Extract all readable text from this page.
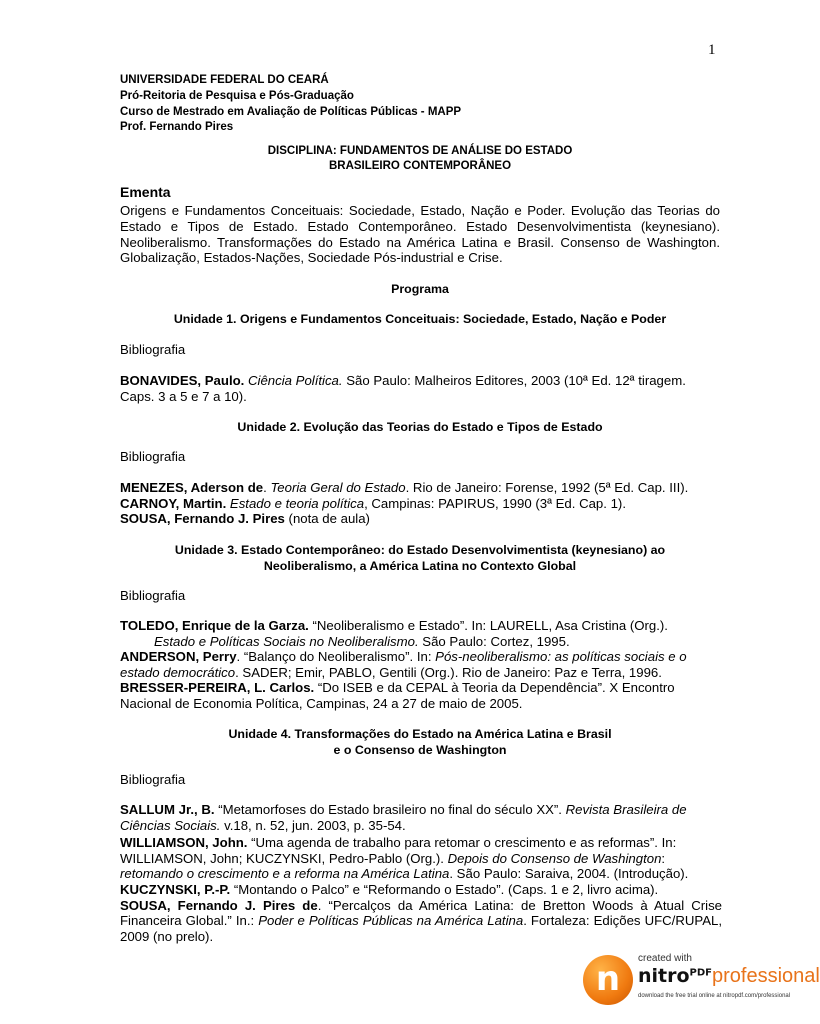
1
UNIVERSIDADE FEDERAL DO CEARÁ
Pró-Reitoria de Pesquisa e Pós-Graduação
Curso de Mestrado em Avaliação de Políticas Públicas - MAPP
Prof. Fernando Pires
DISCIPLINA: FUNDAMENTOS DE ANÁLISE DO ESTADO
BRASILEIRO CONTEMPORÂNEO
Ementa
Origens e Fundamentos Conceituais: Sociedade, Estado, Nação e Poder. Evolução das Teorias do Estado e Tipos de Estado. Estado Contemporâneo. Estado Desenvolvimentista (keynesiano). Neoliberalismo. Transformações do Estado na América Latina e Brasil. Consenso de Washington. Globalização, Estados-Nações, Sociedade Pós-industrial e Crise.
Programa
Unidade 1. Origens e Fundamentos Conceituais: Sociedade, Estado, Nação e Poder
Bibliografia
BONAVIDES, Paulo. Ciência Política. São Paulo: Malheiros Editores, 2003 (10ª Ed. 12ª tiragem.
Caps. 3 a 5 e 7 a 10).
Unidade 2. Evolução das Teorias do Estado e Tipos de Estado
Bibliografia
MENEZES, Aderson de. Teoria Geral do Estado. Rio de Janeiro: Forense, 1992 (5ª Ed. Cap. III).
CARNOY, Martin. Estado e teoria política, Campinas: PAPIRUS, 1990 (3ª Ed. Cap. 1).
SOUSA, Fernando J. Pires (nota de aula)
Unidade 3. Estado Contemporâneo: do Estado Desenvolvimentista (keynesiano) ao
Neoliberalismo, a América Latina no Contexto Global
Bibliografia
TOLEDO, Enrique de la Garza. “Neoliberalismo e Estado”. In: LAURELL, Asa Cristina (Org.).
Estado e Políticas Sociais no Neoliberalismo. São Paulo: Cortez, 1995.
ANDERSON, Perry. “Balanço do Neoliberalismo”. In: Pós-neoliberalismo: as políticas sociais e o
estado democrático. SADER; Emir, PABLO, Gentili (Org.). Rio de Janeiro: Paz e Terra, 1996.
BRESSER-PEREIRA, L. Carlos. “Do ISEB e da CEPAL à Teoria da Dependência”. X Encontro
Nacional de Economia Política, Campinas, 24 a 27 de maio de 2005.
Unidade 4. Transformações do Estado na América Latina e Brasil
e o Consenso de Washington
Bibliografia
SALLUM Jr., B. “Metamorfoses do Estado brasileiro no final do século XX”. Revista Brasileira de
Ciências Sociais. v.18, n. 52, jun. 2003, p. 35-54.
WILLIAMSON, John. “Uma agenda de trabalho para retomar o crescimento e as reformas”. In:
WILLIAMSON, John; KUCZYNSKI, Pedro-Pablo (Org.). Depois do Consenso de Washington:
retomando o crescimento e a reforma na América Latina. São Paulo: Saraiva, 2004. (Introdução).
KUCZYNSKI, P.-P. “Montando o Palco” e “Reformando o Estado”. (Caps. 1 e 2, livro acima).
SOUSA, Fernando J. Pires de. “Percalços da América Latina: de Bretton Woods à Atual Crise Financeira Global.” In.: Poder e Políticas Públicas na América Latina. Fortaleza: Edições UFC/RUPAL, 2009 (no prelo).
n
created with
nitro$^{PDF}$professional
download the free trial online at nitropdf.com/professional
